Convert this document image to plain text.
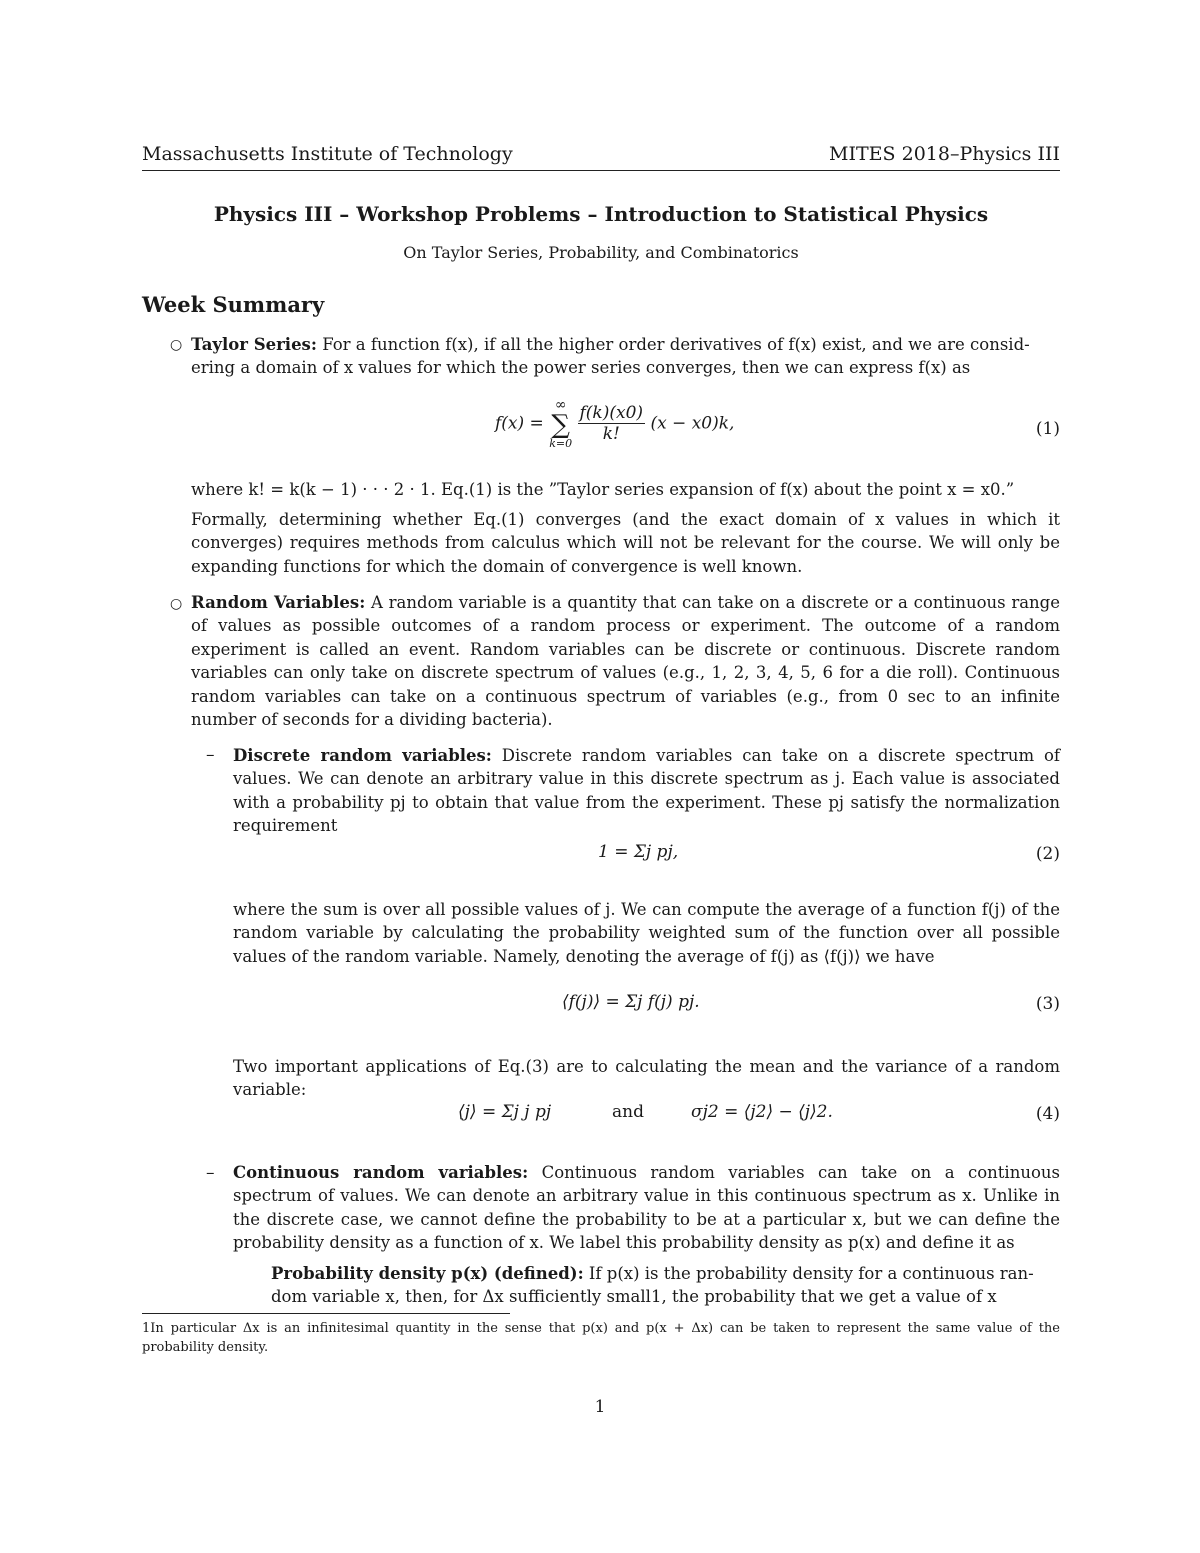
Massachusetts Institute of Technology	MITES 2018–Physics III
Physics III – Workshop Problems – Introduction to Statistical Physics
On Taylor Series, Probability, and Combinatorics
Week Summary
○ Taylor Series: For a function f(x), if all the higher order derivatives of f(x) exist, and we are consid-
ering a domain of x values for which the power series converges, then we can express f(x) as
f(x) =
∞
∑
k=0
$\frac{f(k)(x0)}{k!} (x - x0)k$,	(1)
where k! = k(k − 1) · · · 2 · 1. Eq.(1) is the ”Taylor series expansion of f(x) about the point x = x0.”
Formally, determining whether Eq.(1) converges (and the exact domain of x values in which it converges) requires methods from calculus which will not be relevant for the course. We will only be expanding functions for which the domain of convergence is well known.
○ Random Variables: A random variable is a quantity that can take on a discrete or a continuous range of values as possible outcomes of a random process or experiment. The outcome of a random experiment is called an event. Random variables can be discrete or continuous. Discrete random variables can only take on discrete spectrum of values (e.g., 1, 2, 3, 4, 5, 6 for a die roll). Continuous random variables can take on a continuous spectrum of variables (e.g., from 0 sec to an infinite number of seconds for a dividing bacteria).
– Discrete random variables: Discrete random variables can take on a discrete spectrum of values. We can denote an arbitrary value in this discrete spectrum as j. Each value is associated with a probability pj to obtain that value from the experiment. These pj satisfy the normalization requirement
1 = Σj pj,	(2)
where the sum is over all possible values of j. We can compute the average of a function f(j) of the random variable by calculating the probability weighted sum of the function over all possible values of the random variable. Namely, denoting the average of f(j) as ⟨f(j)⟩ we have
⟨f(j)⟩ = Σj f(j) pj.	(3)
Two important applications of Eq.(3) are to calculating the mean and the variance of a random variable:
⟨j⟩ = Σj j pj	and	σj2 = ⟨j2⟩ − ⟨j⟩2.	(4)
– Continuous random variables: Continuous random variables can take on a continuous spectrum of values. We can denote an arbitrary value in this continuous spectrum as x. Unlike in the discrete case, we cannot define the probability to be at a particular x, but we can define the probability density as a function of x. We label this probability density as p(x) and define it as
Probability density p(x) (defined): If p(x) is the probability density for a continuous ran-
dom variable x, then, for Δx sufficiently small1, the probability that we get a value of x
1In particular Δx is an infinitesimal quantity in the sense that p(x) and p(x + Δx) can be taken to represent the same value of the probability density.
1
